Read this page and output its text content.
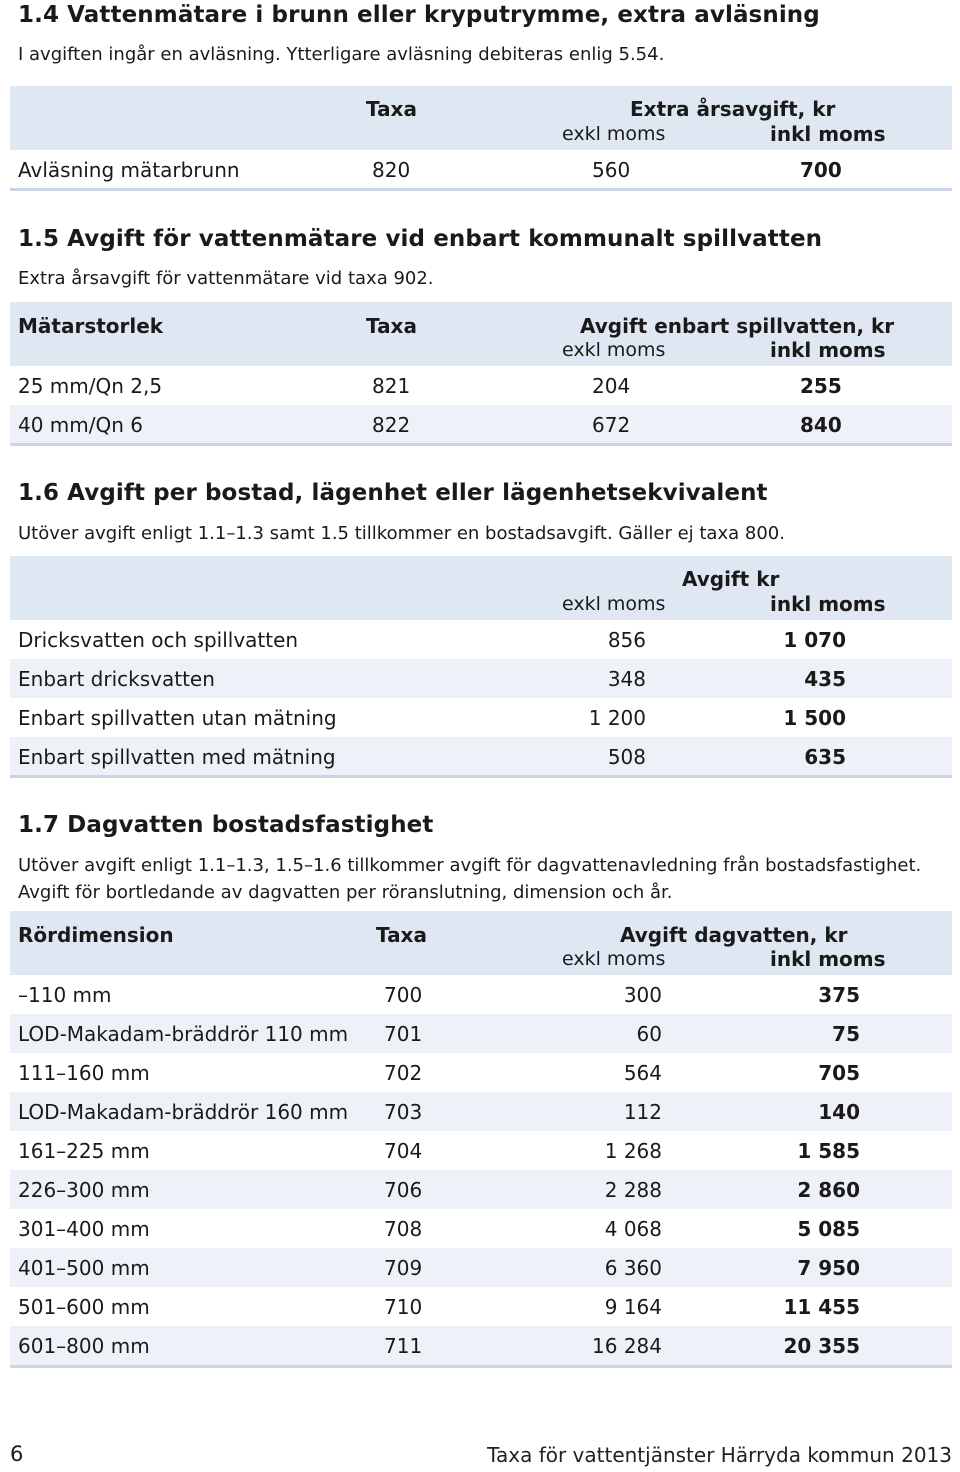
1.4 Vattenmätare i brunn eller kryputrymme, extra avläsning

I avgiften ingår en avläsning. Ytterligare avläsning debiteras enlig 5.54.

Taxa	Extra årsavgift, kr
exkl moms	inkl moms
Avläsning mätarbrunn	820	560	700
1.5 Avgift för vattenmätare vid enbart kommunalt spillvatten

Extra årsavgift för vattenmätare vid taxa 902.

Mätarstorlek	Taxa	Avgift enbart spillvatten, kr
exkl moms	inkl moms
25 mm/Qn 2,5	821	204	255
40 mm/Qn 6	822	672	840
1.6 Avgift per bostad, lägenhet eller lägenhetsekvivalent

Utöver avgift enligt 1.1–1.3 samt 1.5 tillkommer en bostadsavgift. Gäller ej taxa 800.

Avgift kr
exkl moms	inkl moms
Dricksvatten och spillvatten	856	1 070
Enbart dricksvatten	348	435
Enbart spillvatten utan mätning	1 200	1 500
Enbart spillvatten med mätning	508	635
1.7 Dagvatten bostadsfastighet

Utöver avgift enligt 1.1–1.3, 1.5–1.6 tillkommer avgift för dagvattenavledning från bostadsfastighet.

Avgift för bortledande av dagvatten per röranslutning, dimension och år.

Rördimension	Taxa	Avgift dagvatten, kr
exkl moms	inkl moms
–110 mm	700	300	375
LOD-Makadam-bräddrör 110 mm 701	60	75
111–160 mm	702	564	705
LOD-Makadam-bräddrör 160 mm 703	112	140
161–225 mm	704	1 268	1 585
226–300 mm	706	2 288	2 860
301–400 mm	708	4 068	5 085
401–500 mm	709	6 360	7 950
501–600 mm	710	9 164	11 455
601–800 mm	711	16 284	20 355
6	Taxa för vattentjänster Härryda kommun 2013
